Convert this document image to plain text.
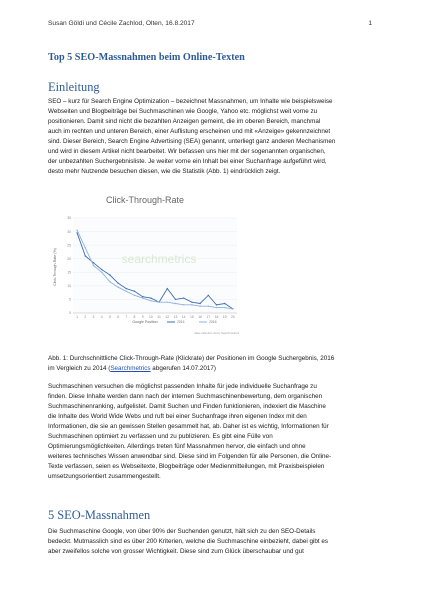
Susan Göldi und Cécile Zachlod, Olten, 16.8.2017	1
Top 5 SEO-Massnahmen beim Online-Texten
Einleitung
SEO – kurz für Search Engine Optimization – bezeichnet Massnahmen, um Inhalte wie beispielsweise
Webseiten und Blogbeiträge bei Suchmaschinen wie Google, Yahoo etc. möglichst weit vorne zu
positionieren. Damit sind nicht die bezahlten Anzeigen gemeint, die im oberen Bereich, manchmal
auch im rechten und unteren Bereich, einer Auflistung erscheinen und mit «Anzeige» gekennzeichnet
sind. Dieser Bereich, Search Engine Advertising (SEA) genannt, unterliegt ganz anderen Mechanismen
und wird in diesem Artikel nicht bearbeitet. Wir befassen uns hier mit der sogenannten organischen,
der unbezahlten Suchergebnisliste. Je weiter vorne ein Inhalt bei einer Suchanfrage aufgeführt wird,
desto mehr Nutzende besuchen diesen, wie die Statistik (Abb. 1) eindrücklich zeigt.
Click-Through-Rate
0
5
10
15
20
25
30
35
1 2 3 4 5 6 7 8 9 10 11 12 13 14 15 16 17 18 19 20
searchmetrics
Click-Through-Rate (%)
Google Position	2014	2016
data collection via by Searchmetrics
Abb. 1: Durchschnittliche Click-Through-Rate (Klickrate) der Positionen im Google Suchergebnis, 2016
im Vergleich zu 2014 (Searchmetrics abgerufen 14.07.2017)
Suchmaschinen versuchen die möglichst passenden Inhalte für jede individuelle Suchanfrage zu
finden. Diese Inhalte werden dann nach der internen Suchmaschinenbewertung, dem organischen
Suchmaschinenranking, aufgelistet. Damit Suchen und Finden funktionieren, indexiert die Maschine
die Inhalte des World Wide Webs und ruft bei einer Suchanfrage ihren eigenen Index mit den
Informationen, die sie an gewissen Stellen gesammelt hat, ab. Daher ist es wichtig, Informationen für
Suchmaschinen optimiert zu verfassen und zu publizieren. Es gibt eine Fülle von
Optimierungsmöglichkeiten. Allerdings treten fünf Massnahmen hervor, die einfach und ohne
weiteres technisches Wissen anwendbar sind. Diese sind im Folgenden für alle Personen, die Online-
Texte verfassen, seien es Webseitexte, Blogbeiträge oder Medienmitteilungen, mit Praxisbeispielen
umsetzungsorientiert zusammengestellt.
5 SEO-Massnahmen
Die Suchmaschine Google, von über 90% der Suchenden genutzt, hält sich zu den SEO-Details
bedeckt. Mutmasslich sind es über 200 Kriterien, welche die Suchmaschine einbezieht, dabei gibt es
aber zweifellos solche von grosser Wichtigkeit. Diese sind zum Glück überschaubar und gut
